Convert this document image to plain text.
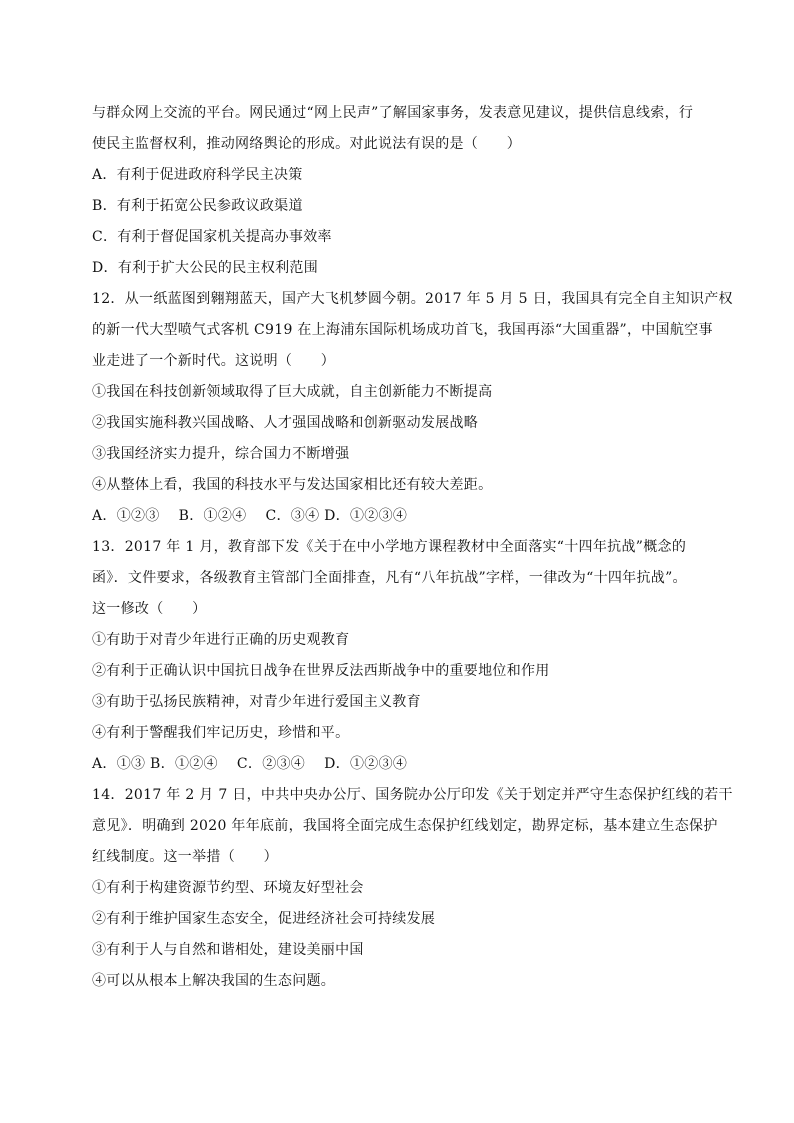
与群众网上交流的平台。网民通过“网上民声”了解国家事务，发表意见建议，提供信息线索，行
使民主监督权利，推动网络舆论的形成。对此说法有误的是（　　）
A．有利于促进政府科学民主决策
B．有利于拓宽公民参政议政渠道
C．有利于督促国家机关提高办事效率
D．有利于扩大公民的民主权利范围
12．从一纸蓝图到翱翔蓝天，国产大飞机梦圆今朝。2017 年 5 月 5 日，我国具有完全自主知识产权
的新一代大型喷气式客机 C919 在上海浦东国际机场成功首飞，我国再添“大国重器”，中国航空事
业走进了一个新时代。这说明（　　）
①我国在科技创新领域取得了巨大成就，自主创新能力不断提高
②我国实施科教兴国战略、人才强国战略和创新驱动发展战略
③我国经济实力提升，综合国力不断增强
④从整体上看，我国的科技水平与发达国家相比还有较大差距。
A．①②③　 B．①②④　 C．③④ D．①②③④
13．2017 年 1 月，教育部下发《关于在中小学地方课程教材中全面落实“十四年抗战”概念的
函》．文件要求，各级教育主管部门全面排查，凡有“八年抗战”字样，一律改为“十四年抗战”。
这一修改（　　）
①有助于对青少年进行正确的历史观教育
②有利于正确认识中国抗日战争在世界反法西斯战争中的重要地位和作用
③有助于弘扬民族精神，对青少年进行爱国主义教育
④有利于警醒我们牢记历史，珍惜和平。
A．①③ B．①②④　 C．②③④　 D．①②③④
14．2017 年 2 月 7 日，中共中央办公厅、国务院办公厅印发《关于划定并严守生态保护红线的若干
意见》．明确到 2020 年年底前，我国将全面完成生态保护红线划定，勘界定标，基本建立生态保护
红线制度。这一举措（　　）
①有利于构建资源节约型、环境友好型社会
②有利于维护国家生态安全，促进经济社会可持续发展
③有利于人与自然和谐相处，建设美丽中国
④可以从根本上解决我国的生态问题。
